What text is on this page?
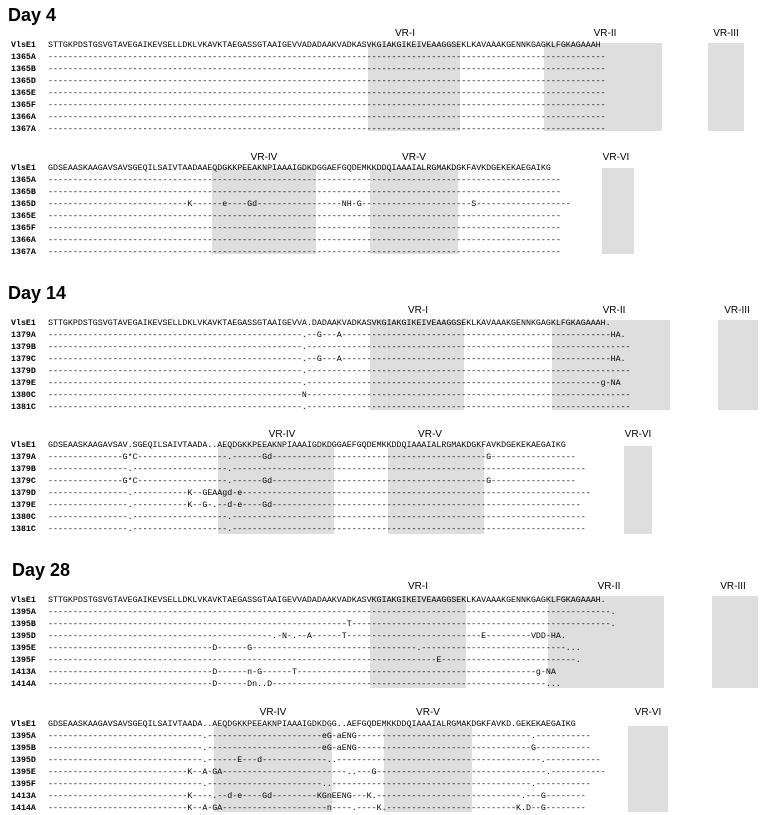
Day 4
VR-I	VR-II	VR-III
VlsE1	STTGKPDSTGSVGTAVEGAIKEVSELLDKLVKAVKTAEGASSGTAAIGEVVADADAAKVADKASVKGIAKGIKEIVEAAGGSEKLKAVAAAKGENNKGAGKLFGKAGAAAH
1365A	----------------------------------------------------------------------------------------------------------------
1365B	----------------------------------------------------------------------------------------------------------------
1365D	----------------------------------------------------------------------------------------------------------------
1365E	----------------------------------------------------------------------------------------------------------------
1365F	----------------------------------------------------------------------------------------------------------------
1366A	----------------------------------------------------------------------------------------------------------------
1367A	----------------------------------------------------------------------------------------------------------------
VR-IV	VR-V	VR-VI
VlsE1	GDSEAASKAAGAVSAVSGEQILSAIVTAADAAEQDGKKPEEAKNPIAAAIGDKDGGAEFGQDEMKKDDQIAAAIALRGMAKDGKFAVKDGEKEKAEGAIKG
1365A	-------------------------------------------------------------------------------------------------------
1365B	-------------------------------------------------------------------------------------------------------
1365D	----------------------------K------e----Gd-----------------NH-G----------------------S-------------------
1365E	-------------------------------------------------------------------------------------------------------
1365F	-------------------------------------------------------------------------------------------------------
1366A	-------------------------------------------------------------------------------------------------------
1367A	-------------------------------------------------------------------------------------------------------
Day 14
VR-I	VR-II	VR-III
VlsE1	STTGKPDSTGSVGTAVEGAIKEVSELLDKLVKAVKTAEGASSGTAAIGEVVA.DADAAKVADKASVKGIAKGIKEIVEAAGGSEKLKAVAAAKGENNKGAGKLFGKAGAAAH.
1379A	---------------------------------------------------.--G---A------------------------------------------------------HA.
1379B	---------------------------------------------------.-----------------------------------------------------------------
1379C	---------------------------------------------------.--G---A------------------------------------------------------HA.
1379D	---------------------------------------------------.-----------------------------------------------------------------
1379E	---------------------------------------------------.-----------------------------------------------------------g-NA
1380C	---------------------------------------------------N-----------------------------------------------------------------
1381C	---------------------------------------------------.-----------------------------------------------------------------
VR-IV	VR-V	VR-VI
VlsE1	GDSEAASKAAGAVSAV.SGEQILSAIVTAADA..AEQDGKKPEEAKNPIAAAIGDKDGGAEFGQDEMKKDDQIAAAIALRGMAKDGKFAVKDGEKEKAEGAIKG
1379A	---------------G*C------------------.------Gd-------------------------------------------G-----------------
1379B	----------------.-------------------.-----------------------------------------------------------------------
1379C	---------------G*C------------------.------Gd-------------------------------------------G-----------------
1379D	----------------.-----------K--GEAAgd-e----------------------------------------------------------------------
1379E	----------------.-----------K--G-.--d-e----Gd--------------------------------------------------------------
1380C	----------------.-------------------.-----------------------------------------------------------------------
1381C	----------------.-------------------.-----------------------------------------------------------------------
Day 28
VR-I	VR-II	VR-III
VlsE1	STTGKPDSTGSVGTAVEGAIKEVSELLDKLVKAVKTAEGASSGTAAIGEVVADADAAKVADKASVKGIAKGIKEIVEAAGGSEKLKAVAAAKGENNKGAGKLFGKAGAAAH.
1395A	-----------------------------------------------------------------------------------------------------------------.
1395B	------------------------------------------------------------T----------------------------------------------------.
1395D	---------------------------------------------.-N-.--A------T---------------------------E---------VDD-HA.
1395E	---------------------------------D------G---------------------------------.-----------------------------...
1395F	------------------------------------------------------------------------------E---------------------------.
1413A	---------------------------------D------n-G------T------------------------------------------------g-NA
1414A	---------------------------------D------Dn..D-------------------------------------------------------...
VR-IV	VR-V	VR-VI
VlsE1	GDSEAASKAAGAVSAVSGEQILSAIVTAADA..AEQDGKKPEEAKNPIAAAIGDKDGG..AEFGQDEMKKDDQIAAAIALRGMAKDGKFAVKD.GEKEKAEGAIKG
1395A	-------------------------------.-----------------------eG-aENG-----------------------------------.-----------
1395B	-------------------------------.-----------------------eG-aENG-----------------------------------G-----------
1395D	-------------------------------.------E---d-------------..-----------------------------------------.-----------
1395E	----------------------------K--A-GA-------------------------..---G----------------------------------.-----------
1395F	-------------------------------.-----------------------..----------------------------------------.-----------
1413A	----------------------------K----.--d-e----Gd---------KGnEENG---K.-----------------------------.---G--------
1414A	----------------------------K--A-GA---------------------n----.----K.--------------------------K.D--G--------
